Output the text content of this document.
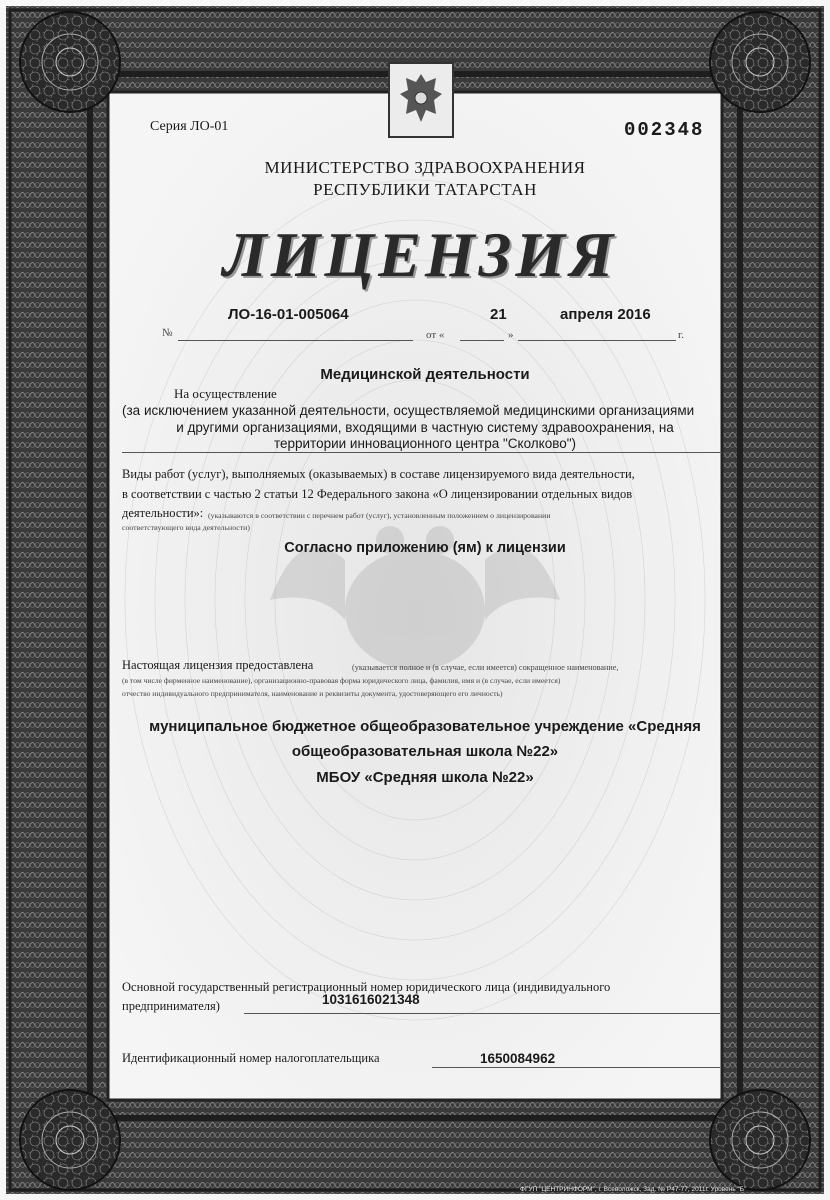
Серия ЛО-01	002348
МИНИСТЕРСТВО ЗДРАВООХРАНЕНИЯ
РЕСПУБЛИКИ ТАТАРСТАН
ЛИЦЕНЗИЯ
№
ЛО-16-01-005064
от «
21
»
апреля 2016
г.
Медицинской деятельности
На осуществление
(за исключением указанной деятельности, осуществляемой медицинскими организациями
и другими организациями, входящими в частную систему здравоохранения, на
территории инновационного центра "Сколково")
Виды работ (услуг), выполняемых (оказываемых) в составе лицензируемого вида деятельности,
в соответствии с частью 2 статьи 12 Федерального закона «О лицензировании отдельных видов
деятельности»: (указываются в соответствии с перечнем работ (услуг), установленным положением о лицензировании
соответствующего вида деятельности)
Согласно приложению (ям) к лицензии
Настоящая лицензия предоставлена	(указывается полное и (в случае, если имеется) сокращенное наименование,
(в том числе фирменное наименование), организационно-правовая форма юридического лица, фамилия, имя и (в случае, если имеется)
отчество индивидуального предпринимателя, наименование и реквизиты документа, удостоверяющего его личность)
муниципальное бюджетное общеобразовательное учреждение «Средняя
общеобразовательная школа №22»
МБОУ «Средняя школа №22»
Основной государственный регистрационный номер юридического лица (индивидуального
1031616021348
предпринимателя)
Идентификационный номер налогоплательщика	1650084962
ФГУП "ЦЕНТРИНФОРМ", г. Всеволожск, Зад. № Р47-77, 2011г. Уровень "Б"
